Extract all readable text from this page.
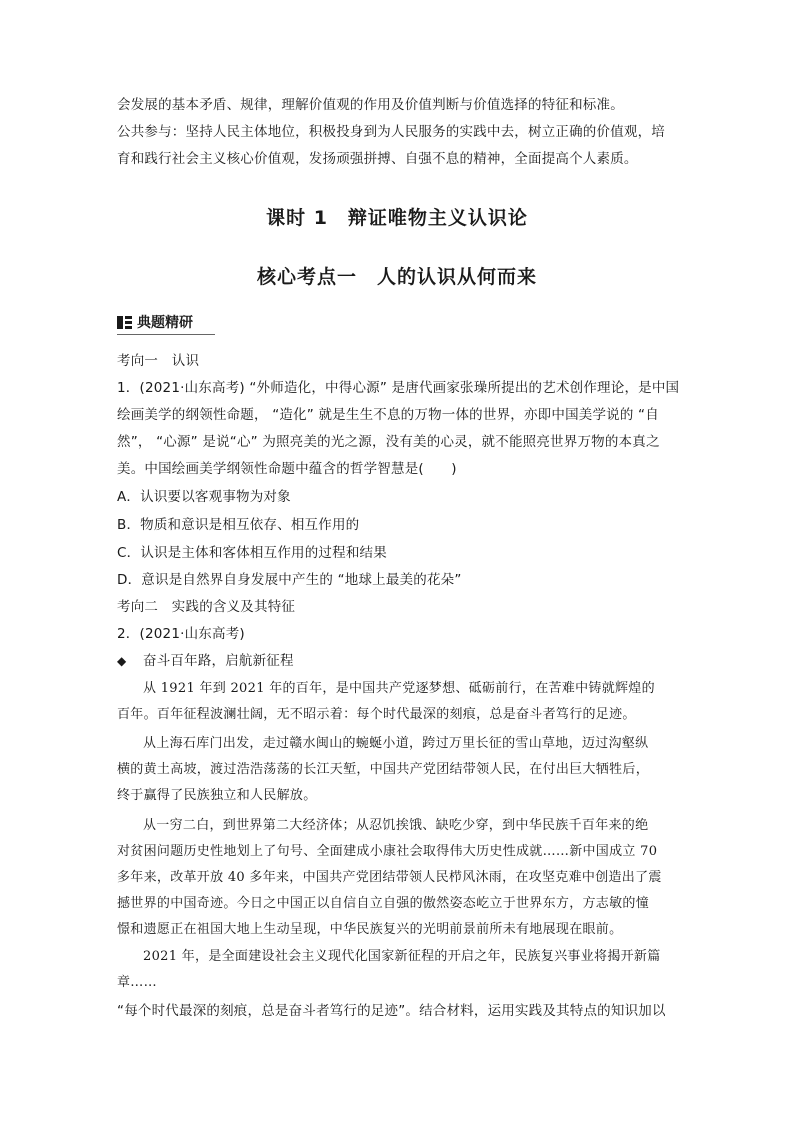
会发展的基本矛盾、规律，理解价值观的作用及价值判断与价值选择的特征和标准。
公共参与：坚持人民主体地位，积极投身到为人民服务的实践中去，树立正确的价值观，培
育和践行社会主义核心价值观，发扬顽强拼搏、自强不息的精神，全面提高个人素质。
课时 1　辩证唯物主义认识论
核心考点一　人的认识从何而来
典题精研
考向一　认识
1．(2021·山东高考) “外师造化，中得心源” 是唐代画家张璪所提出的艺术创作理论，是中国
绘画美学的纲领性命题， “造化” 就是生生不息的万物一体的世界，亦即中国美学说的 “自
然”， “心源” 是说“心” 为照亮美的光之源，没有美的心灵，就不能照亮世界万物的本真之
美。中国绘画美学纲领性命题中蕴含的哲学智慧是(　　)
A．认识要以客观事物为对象
B．物质和意识是相互依存、相互作用的
C．认识是主体和客体相互作用的过程和结果
D．意识是自然界自身发展中产生的 “地球上最美的花朵”
考向二　实践的含义及其特征
2．(2021·山东高考)
◆ 奋斗百年路，启航新征程
从 1921 年到 2021 年的百年，是中国共产党逐梦想、砥砺前行，在苦难中铸就辉煌的
百年。百年征程波澜壮阔，无不昭示着：每个时代最深的刻痕，总是奋斗者笃行的足迹。
从上海石库门出发，走过赣水闽山的蜿蜒小道，跨过万里长征的雪山草地，迈过沟壑纵
横的黄土高坡，渡过浩浩荡荡的长江天堑，中国共产党团结带领人民，在付出巨大牺牲后，
终于赢得了民族独立和人民解放。
从一穷二白，到世界第二大经济体；从忍饥挨饿、缺吃少穿，到中华民族千百年来的绝
对贫困问题历史性地划上了句号、全面建成小康社会取得伟大历史性成就……新中国成立 70
多年来，改革开放 40 多年来，中国共产党团结带领人民栉风沐雨，在攻坚克难中创造出了震
撼世界的中国奇迹。今日之中国正以自信自立自强的傲然姿态屹立于世界东方，方志敏的憧
憬和遗愿正在祖国大地上生动呈现，中华民族复兴的光明前景前所未有地展现在眼前。
2021 年，是全面建设社会主义现代化国家新征程的开启之年，民族复兴事业将揭开新篇
章……
“每个时代最深的刻痕，总是奋斗者笃行的足迹”。结合材料，运用实践及其特点的知识加以
